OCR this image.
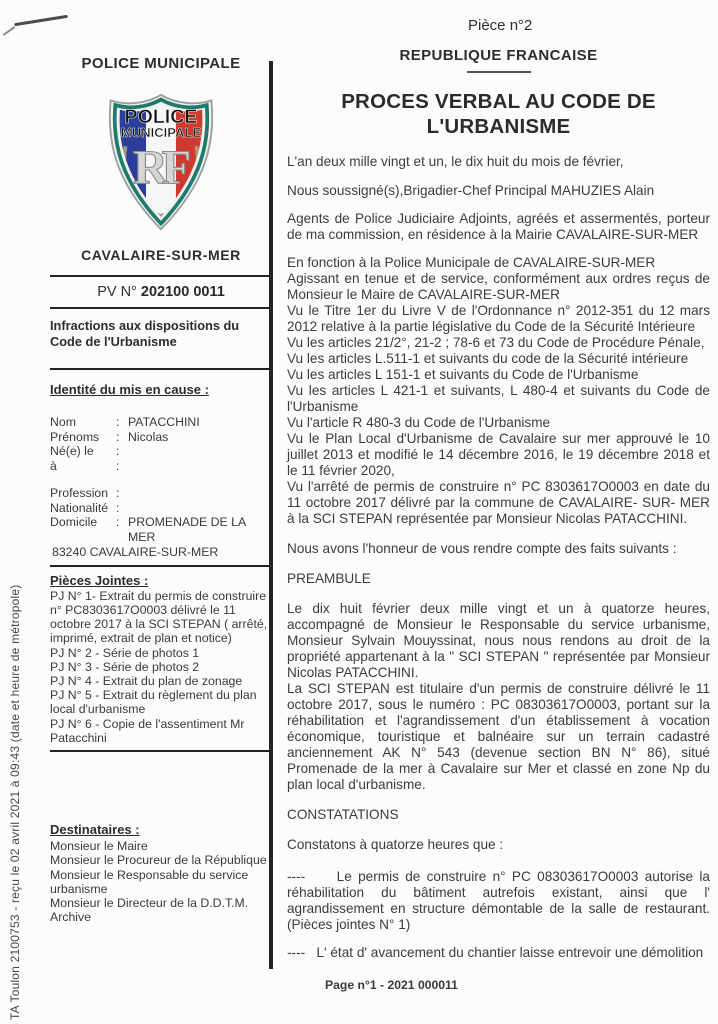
TA Toulon 2100753 - reçu le 02 avril 2021 à 09:43 (date et heure de métropole)
Pièce n°2
POLICE MUNICIPALE
RF
POLICE
MUNICIPALE
CAVALAIRE-SUR-MER
PV N° 202100 0011
Infractions aux dispositions du Code de l'Urbanisme
Identité du mis en cause :
Nom	: PATACCHINI
Prénoms	: Nicolas
Né(e) le	:
à	:
Profession :
Nationalité :
Domicile	: PROMENADE DE LA MER
83240 CAVALAIRE-SUR-MER
Pièces Jointes :
PJ N° 1- Extrait du permis de construire n° PC8303617O0003 délivré le 11 octobre 2017 à la SCI STEPAN ( arrêté, imprimé, extrait de plan et notice)
PJ N° 2 - Série de photos 1
PJ N° 3 - Série de photos 2
PJ N° 4 - Extrait du plan de zonage
PJ N° 5 - Extrait du règlement du plan local d'urbanisme
PJ N° 6 - Copie de l'assentiment Mr Patacchini
Destinataires :
Monsieur le Maire
Monsieur le Procureur de la République
Monsieur le Responsable du service urbanisme
Monsieur le Directeur de la D.D.T.M.
Archive
REPUBLIQUE FRANCAISE
PROCES VERBAL AU CODE DE L'URBANISME
L'an deux mille vingt et un, le dix huit du mois de février,
Nous soussigné(s),Brigadier-Chef Principal MAHUZIES Alain
Agents de Police Judiciaire Adjoints, agréés et assermentés, porteur de ma commission, en résidence à la Mairie CAVALAIRE-SUR-MER
En fonction à la Police Municipale de CAVALAIRE-SUR-MER
Agissant en tenue et de service, conformément aux ordres reçus de Monsieur le Maire de CAVALAIRE-SUR-MER
Vu le Titre 1er du Livre V de l'Ordonnance n° 2012-351 du 12 mars 2012 relative à la partie législative du Code de la Sécurité Intérieure
Vu les articles 21/2°, 21-2 ; 78-6 et 73 du Code de Procédure Pénale,
Vu les articles L.511-1 et suivants du code de la Sécurité intérieure
Vu les articles L 151-1 et suivants du Code de l'Urbanisme
Vu les articles L 421-1 et suivants, L 480-4 et suivants du Code de l'Urbanisme
Vu l'article R 480-3 du Code de l'Urbanisme
Vu le Plan Local d'Urbanisme de Cavalaire sur mer approuvé le 10 juillet 2013 et modifié le 14 décembre 2016, le 19 décembre 2018 et le 11 février 2020,
Vu l'arrêté de permis de construire n° PC 8303617O0003 en date du 11 octobre 2017 délivré par la commune de CAVALAIRE- SUR- MER à la SCI STEPAN représentée par Monsieur Nicolas PATACCHINI.
Nous avons l'honneur de vous rendre compte des faits suivants :
PREAMBULE
Le dix huit février deux mille vingt et un à quatorze heures, accompagné de Monsieur le Responsable du service urbanisme, Monsieur Sylvain Mouyssinat, nous nous rendons au droit de la propriété appartenant à la " SCI STEPAN " représentée par Monsieur Nicolas PATACCHINI.
La SCI STEPAN est titulaire d'un permis de construire délivré le 11 octobre 2017, sous le numéro : PC 08303617O0003, portant sur la réhabilitation et l'agrandissement d'un établissement à vocation économique, touristique et balnéaire sur un terrain cadastré anciennement AK N° 543 (devenue section BN N° 86), situé Promenade de la mer à Cavalaire sur Mer et classé en zone Np du plan local d'urbanisme.
CONSTATATIONS
Constatons à quatorze heures que :
----     Le permis de construire n° PC 08303617O0003 autorise la réhabilitation du bâtiment autrefois existant, ainsi que l' agrandissement en structure démontable de la salle de restaurant. (Pièces jointes N° 1)
----   L' état d' avancement du chantier laisse entrevoir une démolition
Page n°1 - 2021 000011
